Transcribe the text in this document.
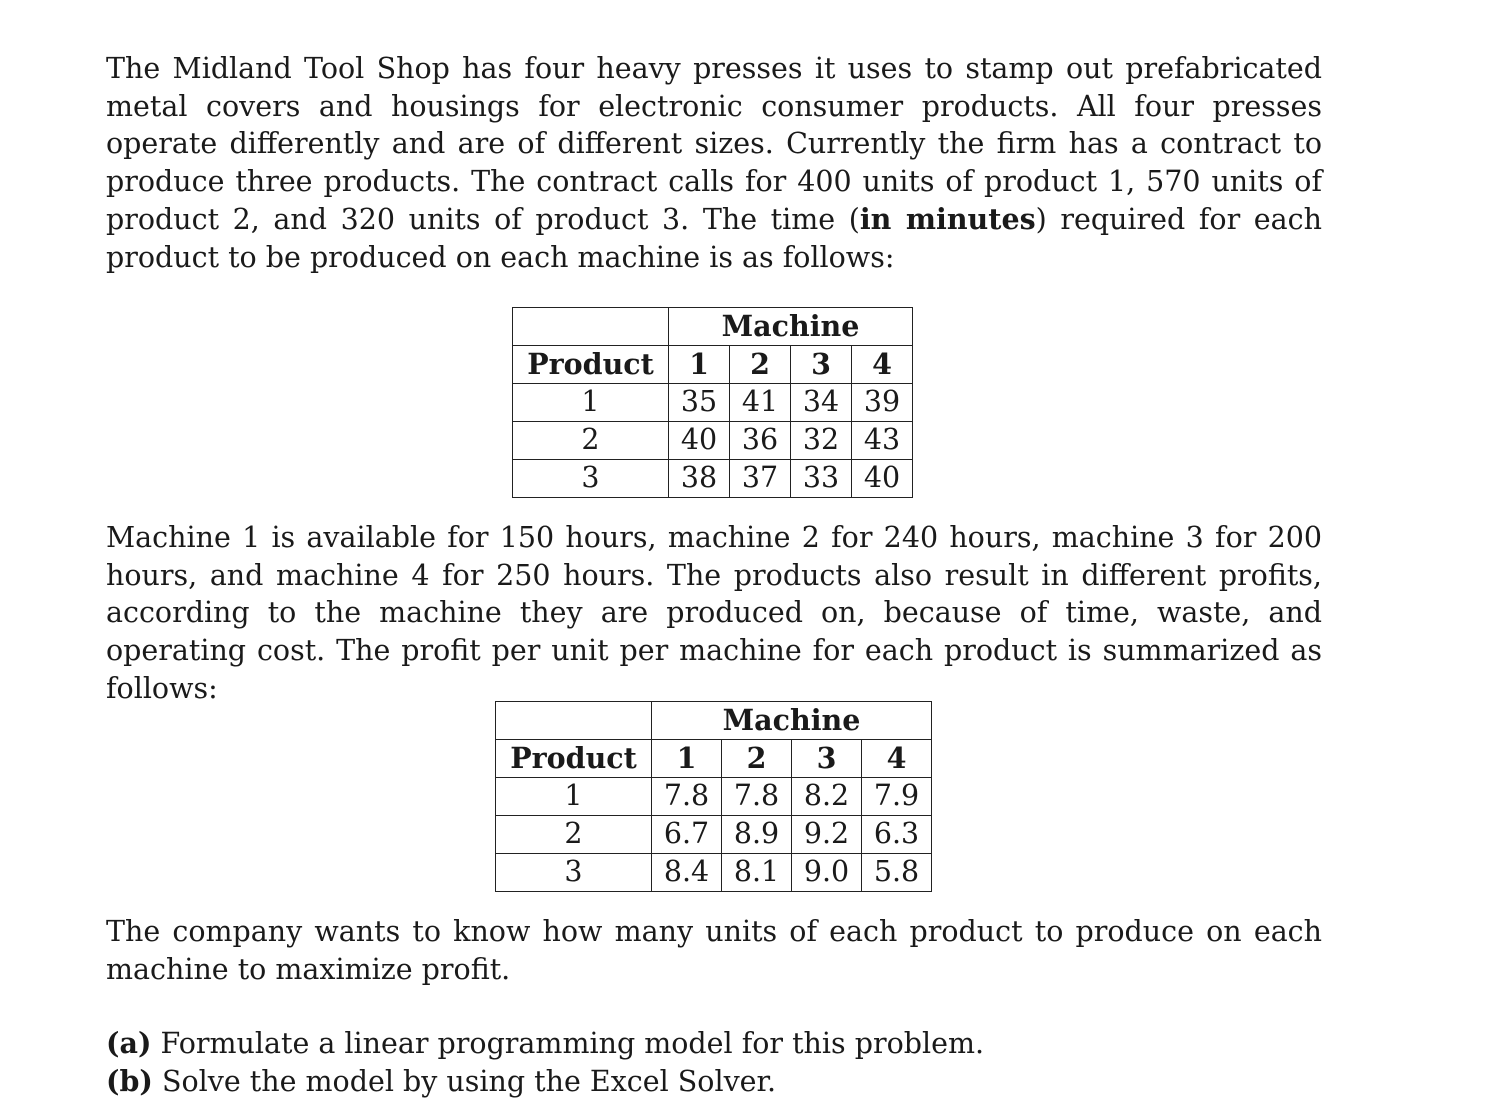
The Midland Tool Shop has four heavy presses it uses to stamp out prefabricated metal covers and housings for electronic consumer products. All four presses operate differently and are of different sizes. Currently the firm has a contract to produce three products. The contract calls for 400 units of product 1, 570 units of product 2, and 320 units of product 3. The time (in minutes) required for each product to be produced on each machine is as follows:

	Machine			
Product	1	2	3	4
1	35	41	34	39
2	40	36	32	43
3	38	37	33	40

Machine 1 is available for 150 hours, machine 2 for 240 hours, machine 3 for 200 hours, and machine 4 for 250 hours. The products also result in different profits, according to the machine they are produced on, because of time, waste, and operating cost. The profit per unit per machine for each product is summarized as follows:

	Machine			
Product	1	2	3	4
1	7.8	7.8	8.2	7.9
2	6.7	8.9	9.2	6.3
3	8.4	8.1	9.0	5.8

The company wants to know how many units of each product to produce on each machine to maximize profit.

(a) Formulate a linear programming model for this problem.
(b) Solve the model by using the Excel Solver.
